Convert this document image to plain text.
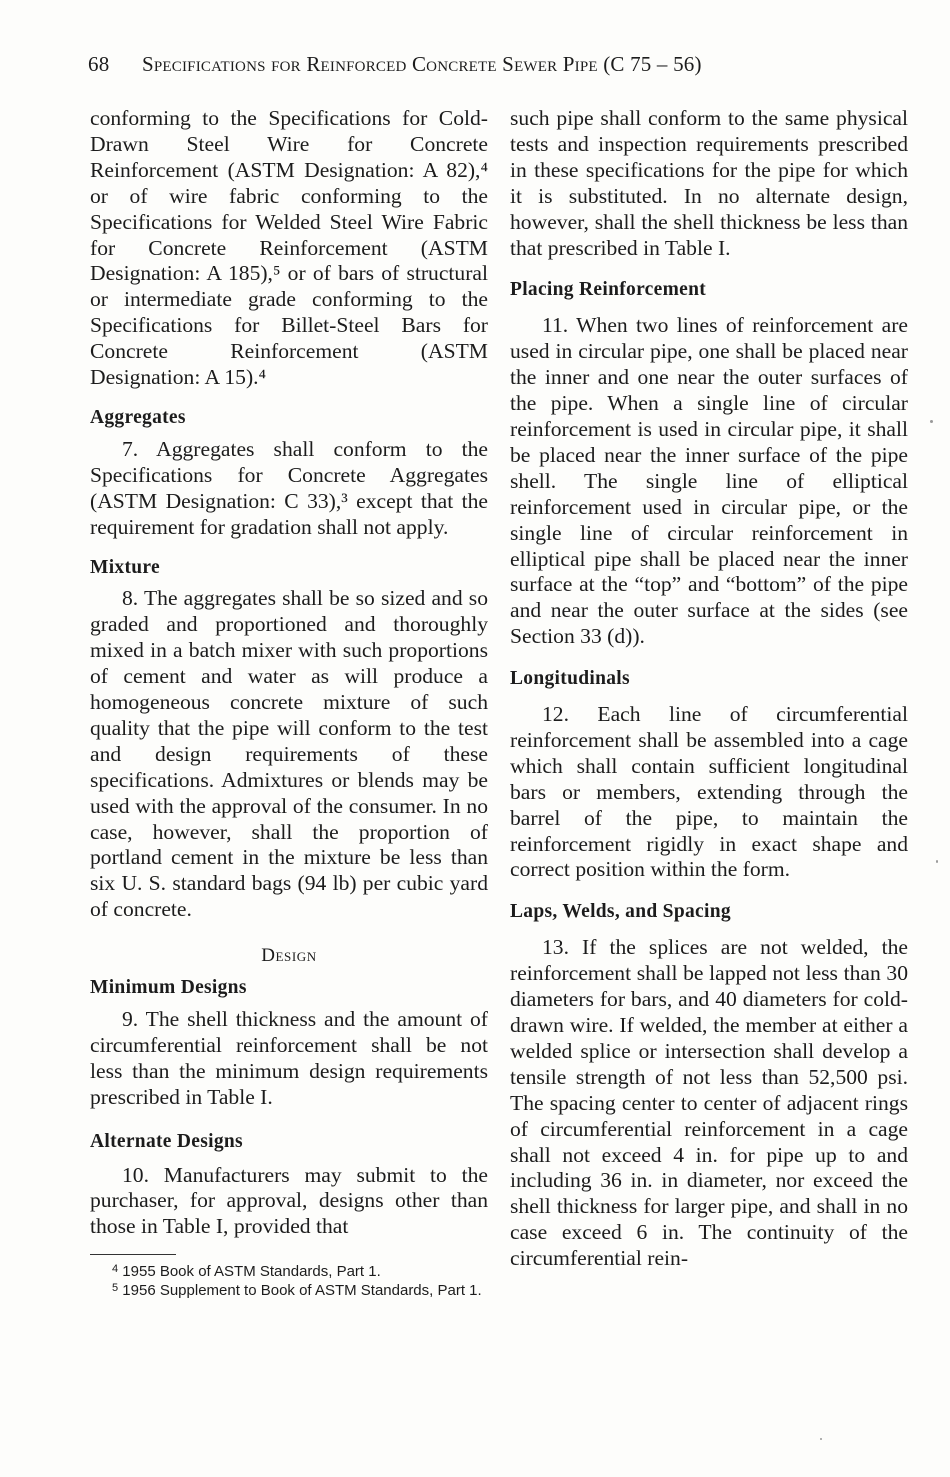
68 Specifications for Reinforced Concrete Sewer Pipe (C 75 – 56)

conforming to the Specifications for Cold-Drawn Steel Wire for Concrete Reinforcement (ASTM Designation: A 82),⁴ or of wire fabric conforming to the Specifications for Welded Steel Wire Fabric for Concrete Reinforcement (ASTM Designation: A 185),⁵ or of bars of structural or intermediate grade conforming to the Specifications for Billet-Steel Bars for Concrete Reinforcement (ASTM Designation: A 15).⁴

Aggregates

7. Aggregates shall conform to the Specifications for Concrete Aggregates (ASTM Designation: C 33),³ except that the requirement for gradation shall not apply.

Mixture

8. The aggregates shall be so sized and so graded and proportioned and thoroughly mixed in a batch mixer with such proportions of cement and water as will produce a homogeneous concrete mixture of such quality that the pipe will conform to the test and design requirements of these specifications. Admixtures or blends may be used with the approval of the consumer. In no case, however, shall the proportion of portland cement in the mixture be less than six U. S. standard bags (94 lb) per cubic yard of concrete.

Design
Minimum Designs

9. The shell thickness and the amount of circumferential reinforcement shall be not less than the minimum design requirements prescribed in Table I.

Alternate Designs

10. Manufacturers may submit to the purchaser, for approval, designs other than those in Table I, provided that

$^4$ 1955 Book of ASTM Standards, Part 1.

$^5$ 1956 Supplement to Book of ASTM Standards, Part 1.

such pipe shall conform to the same physical tests and inspection requirements prescribed in these specifications for the pipe for which it is substituted. In no alternate design, however, shall the shell thickness be less than that prescribed in Table I.

Placing Reinforcement

11. When two lines of reinforcement are used in circular pipe, one shall be placed near the inner and one near the outer surfaces of the pipe. When a single line of circular reinforcement is used in circular pipe, it shall be placed near the inner surface of the pipe shell. The single line of elliptical reinforcement used in circular pipe, or the single line of circular reinforcement in elliptical pipe shall be placed near the inner surface at the “top” and “bottom” of the pipe and near the outer surface at the sides (see Section 33 (d)).

Longitudinals

12. Each line of circumferential reinforcement shall be assembled into a cage which shall contain sufficient longitudinal bars or members, extending through the barrel of the pipe, to maintain the reinforcement rigidly in exact shape and correct position within the form.

Laps, Welds, and Spacing

13. If the splices are not welded, the reinforcement shall be lapped not less than 30 diameters for bars, and 40 diameters for cold-drawn wire. If welded, the member at either a welded splice or intersection shall develop a tensile strength of not less than 52,500 psi. The spacing center to center of adjacent rings of circumferential reinforcement in a cage shall not exceed 4 in. for pipe up to and including 36 in. in diameter, nor exceed the shell thickness for larger pipe, and shall in no case exceed 6 in. The continuity of the circumferential rein-
